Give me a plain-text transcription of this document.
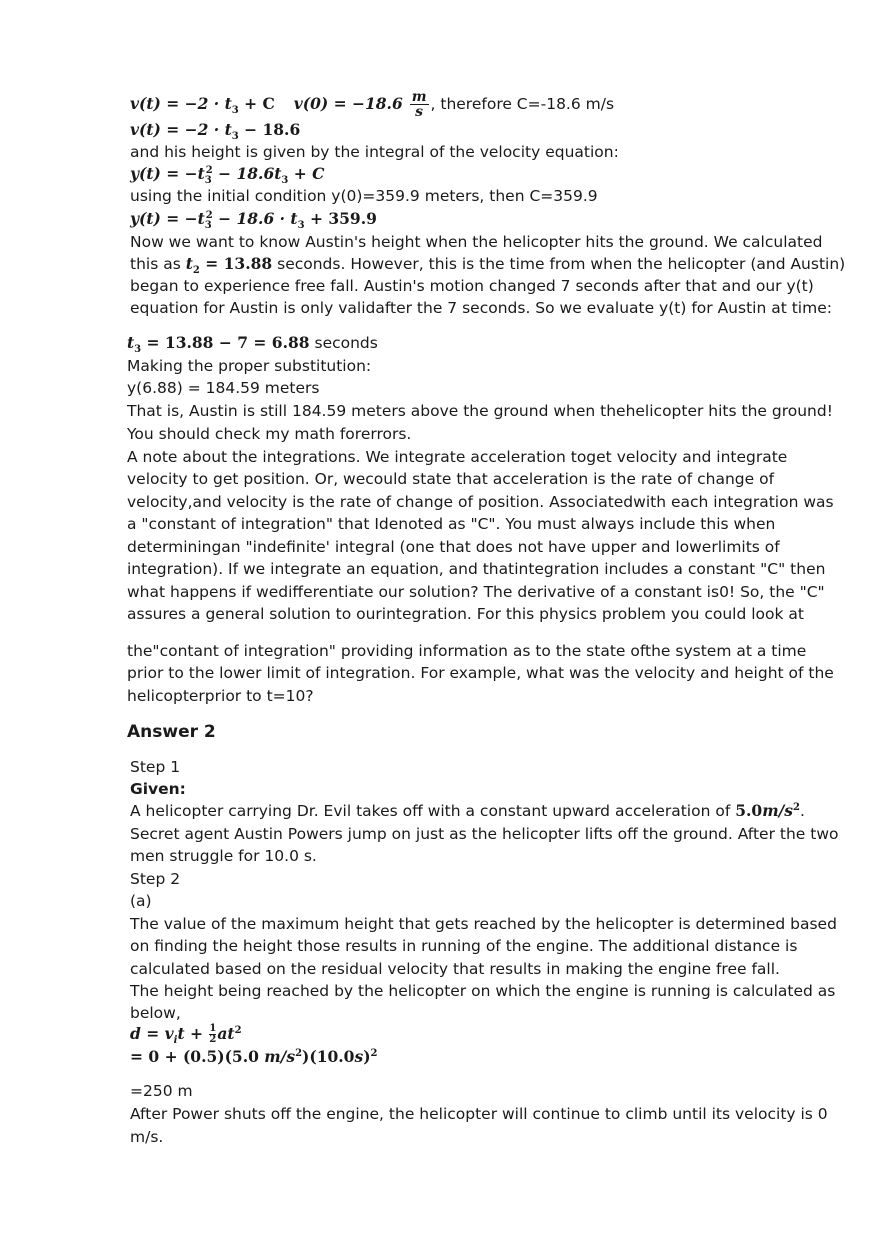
$v(t) = -2 \cdot t_3 + C$ $v(0) = -18.6 \frac{m}{s}$ , therefore C=-18.6 m/s
$v(t) = -2 \cdot t_3 - 18.6$
and his height is given by the integral of the velocity equation:
$y(t) = -t_3^2 - 18.6t_3 + C$
using the initial condition y(0)=359.9 meters, then C=359.9
$y(t) = -t_3^2 - 18.6 \cdot t_3 + 359.9$
Now we want to know Austin's height when the helicopter hits the ground. We calculated
this as $t_2 = 13.88$ seconds. However, this is the time from when the helicopter (and Austin)
began to experience free fall. Austin's motion changed 7 seconds after that and our y(t)
equation for Austin is only validafter the 7 seconds. So we evaluate y(t) for Austin at time:
$t_3 = 13.88 - 7 = 6.88$ seconds
Making the proper substitution:
y(6.88) = 184.59 meters
That is, Austin is still 184.59 meters above the ground when thehelicopter hits the ground!
You should check my math forerrors.
A note about the integrations. We integrate acceleration toget velocity and integrate
velocity to get position. Or, wecould state that acceleration is the rate of change of
velocity,and velocity is the rate of change of position. Associatedwith each integration was
a "constant of integration" that Idenoted as "C". You must always include this when
determiningan "indefinite' integral (one that does not have upper and lowerlimits of
integration). If we integrate an equation, and thatintegration includes a constant "C" then
what happens if wedifferentiate our solution? The derivative of a constant is0! So, the "C"
assures a general solution to ourintegration. For this physics problem you could look at
the"contant of integration" providing information as to the state ofthe system at a time
prior to the lower limit of integration. For example, what was the velocity and height of the
helicopterprior to t=10?
Answer 2
Step 1
Given:
A helicopter carrying Dr. Evil takes off with a constant upward acceleration of $5.0m/s^2$.
Secret agent Austin Powers jump on just as the helicopter lifts off the ground. After the two
men struggle for 10.0 s.
Step 2
(a)
The value of the maximum height that gets reached by the helicopter is determined based
on finding the height those results in running of the engine. The additional distance is
calculated based on the residual velocity that results in making the engine free fall.
The height being reached by the helicopter on which the engine is running is calculated as
below,
$d = v_it + \frac{1}{2} at^2$
= 0 + (0.5)(5.0 $m/s^2)(10.0s)^2$
=250 m
After Power shuts off the engine, the helicopter will continue to climb until its velocity is 0
m/s.
